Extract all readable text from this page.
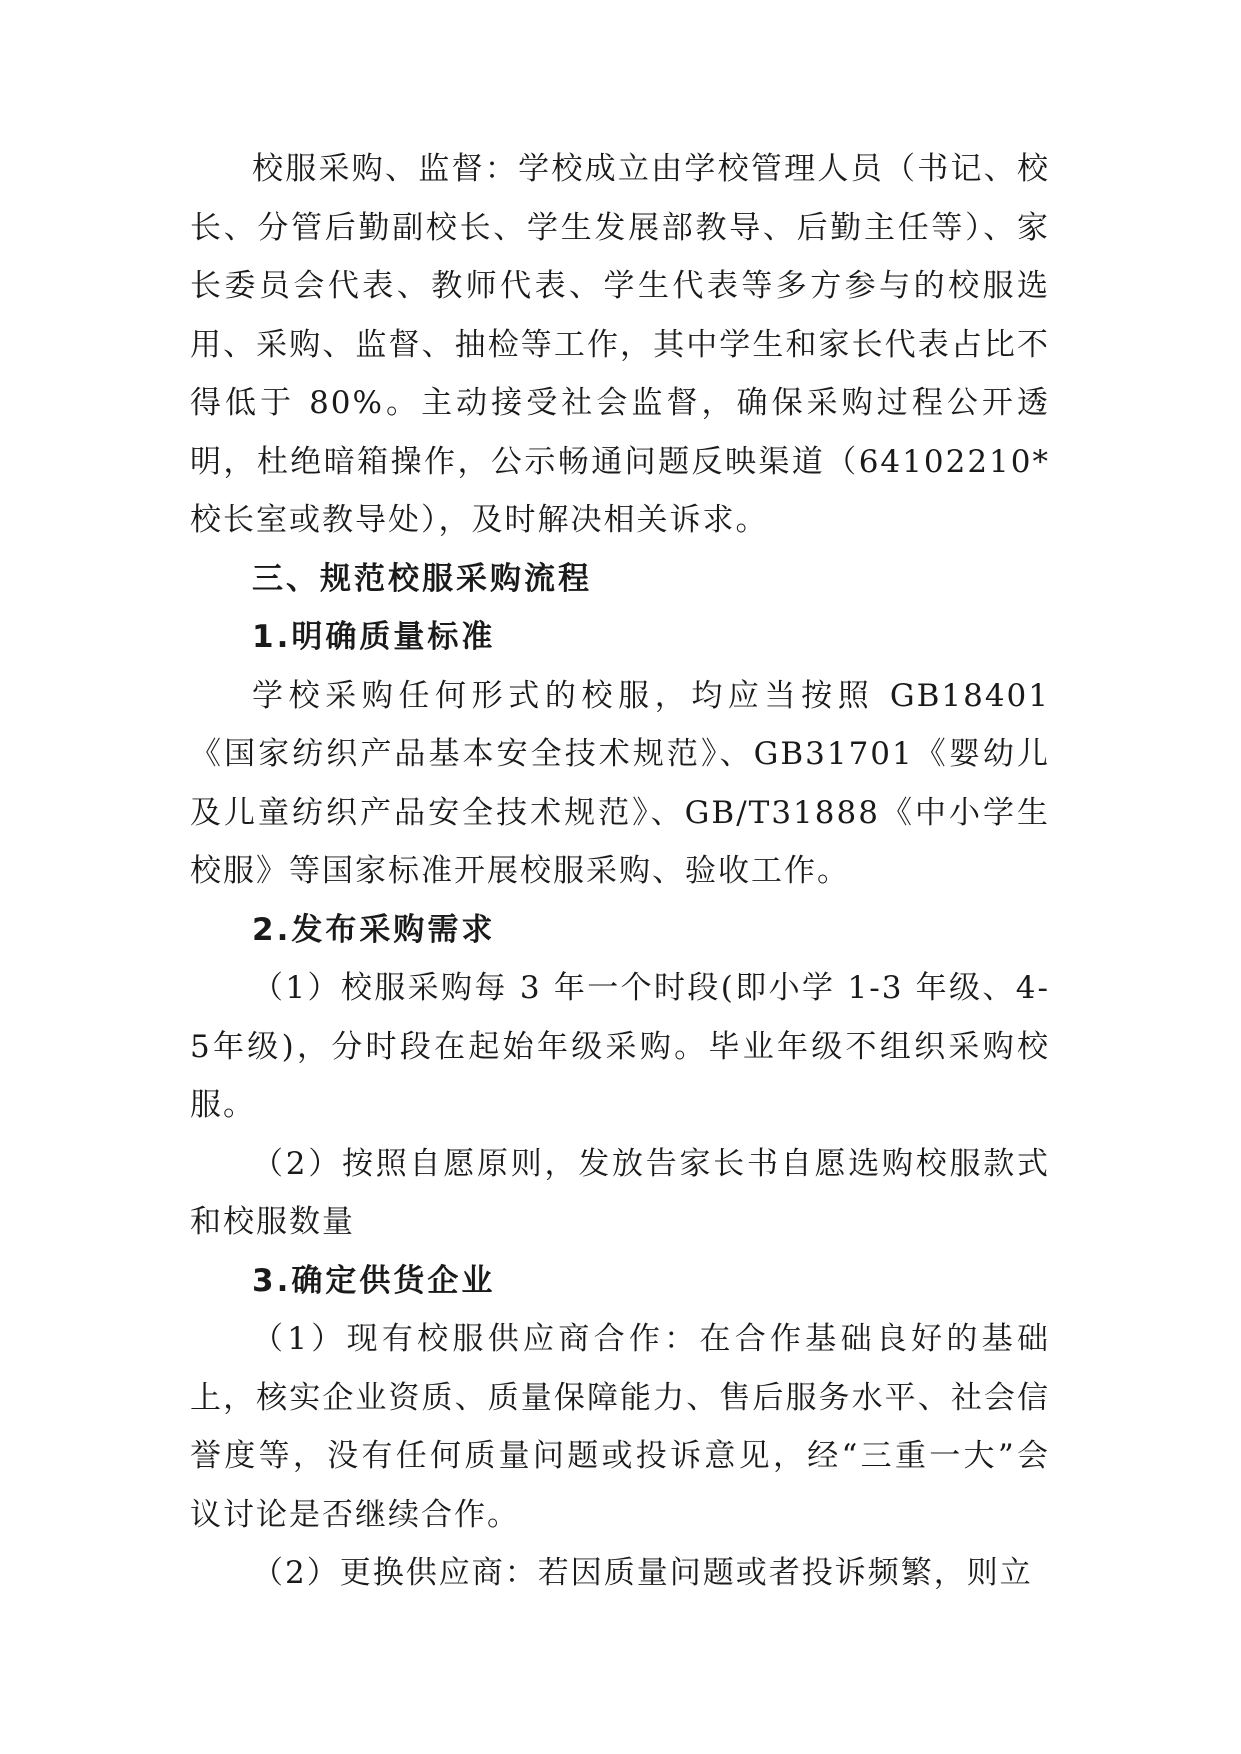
校服采购、监督：学校成立由学校管理人员（书记、校长、分管后勤副校长、学生发展部教导、后勤主任等）、家长委员会代表、教师代表、学生代表等多方参与的校服选用、采购、监督、抽检等工作，其中学生和家长代表占比不得低于 80%。主动接受社会监督，确保采购过程公开透明，杜绝暗箱操作，公示畅通问题反映渠道（64102210*校长室或教导处），及时解决相关诉求。

三、规范校服采购流程

1.明确质量标准

学校采购任何形式的校服，均应当按照 GB18401《国家纺织产品基本安全技术规范》、GB31701《婴幼儿及儿童纺织产品安全技术规范》、GB/T31888《中小学生校服》等国家标准开展校服采购、验收工作。

2.发布采购需求

（1）校服采购每 3 年一个时段(即小学 1-3 年级、4-5年级)，分时段在起始年级采购。毕业年级不组织采购校服。

（2）按照自愿原则，发放告家长书自愿选购校服款式和校服数量

3.确定供货企业

（1）现有校服供应商合作：在合作基础良好的基础上，核实企业资质、质量保障能力、售后服务水平、社会信誉度等，没有任何质量问题或投诉意见，经“三重一大”会议讨论是否继续合作。

（2）更换供应商：若因质量问题或者投诉频繁，则立
